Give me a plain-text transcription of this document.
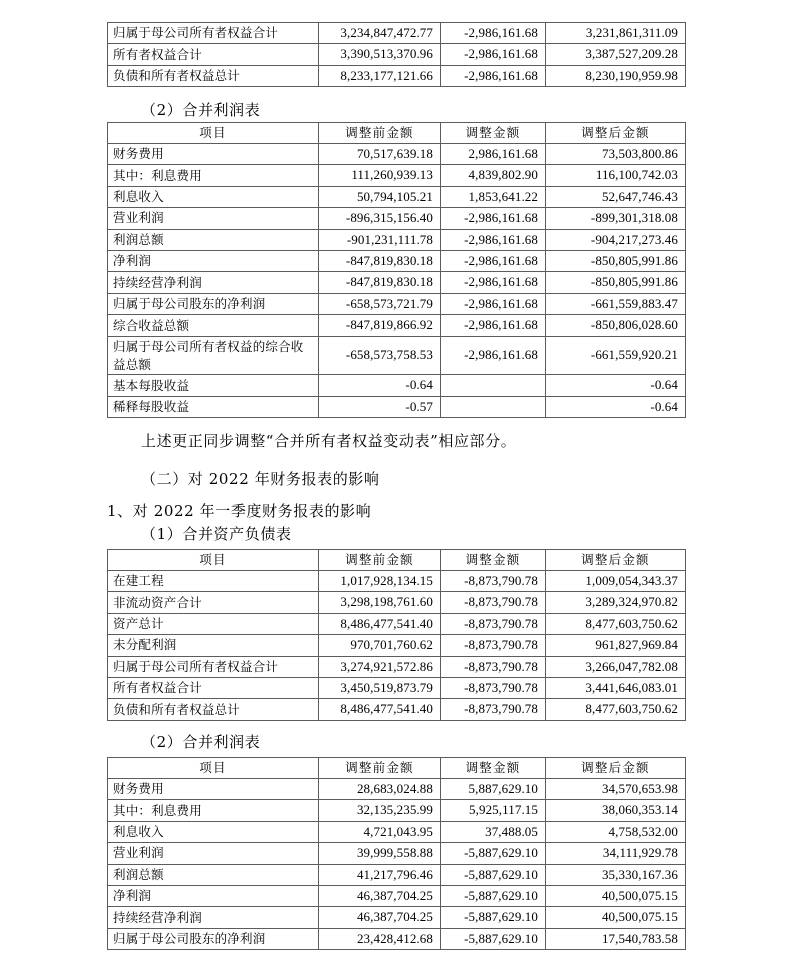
归属于母公司所有者权益合计	3,234,847,472.77	-2,986,161.68	3,231,861,311.09
所有者权益合计	3,390,513,370.96	-2,986,161.68	3,387,527,209.28
负债和所有者权益总计	8,233,177,121.66	-2,986,161.68	8,230,190,959.98
（2）合并利润表
项目	调整前金额	调整金额	调整后金额
财务费用	70,517,639.18	2,986,161.68	73,503,800.86
其中：利息费用	111,260,939.13	4,839,802.90	116,100,742.03
利息收入	50,794,105.21	1,853,641.22	52,647,746.43
营业利润	-896,315,156.40	-2,986,161.68	-899,301,318.08
利润总额	-901,231,111.78	-2,986,161.68	-904,217,273.46
净利润	-847,819,830.18	-2,986,161.68	-850,805,991.86
持续经营净利润	-847,819,830.18	-2,986,161.68	-850,805,991.86
归属于母公司股东的净利润	-658,573,721.79	-2,986,161.68	-661,559,883.47
综合收益总额	-847,819,866.92	-2,986,161.68	-850,806,028.60
归属于母公司所有者权益的综合收益总额	-658,573,758.53	-2,986,161.68	-661,559,920.21
基本每股收益	-0.64		-0.64
稀释每股收益	-0.57		-0.64
上述更正同步调整“合并所有者权益变动表”相应部分。
（二）对 2022 年财务报表的影响
1、对 2022 年一季度财务报表的影响
（1）合并资产负债表
项目	调整前金额	调整金额	调整后金额
在建工程	1,017,928,134.15	-8,873,790.78	1,009,054,343.37
非流动资产合计	3,298,198,761.60	-8,873,790.78	3,289,324,970.82
资产总计	8,486,477,541.40	-8,873,790.78	8,477,603,750.62
未分配利润	970,701,760.62	-8,873,790.78	961,827,969.84
归属于母公司所有者权益合计	3,274,921,572.86	-8,873,790.78	3,266,047,782.08
所有者权益合计	3,450,519,873.79	-8,873,790.78	3,441,646,083.01
负债和所有者权益总计	8,486,477,541.40	-8,873,790.78	8,477,603,750.62
（2）合并利润表
项目	调整前金额	调整金额	调整后金额
财务费用	28,683,024.88	5,887,629.10	34,570,653.98
其中：利息费用	32,135,235.99	5,925,117.15	38,060,353.14
利息收入	4,721,043.95	37,488.05	4,758,532.00
营业利润	39,999,558.88	-5,887,629.10	34,111,929.78
利润总额	41,217,796.46	-5,887,629.10	35,330,167.36
净利润	46,387,704.25	-5,887,629.10	40,500,075.15
持续经营净利润	46,387,704.25	-5,887,629.10	40,500,075.15
归属于母公司股东的净利润	23,428,412.68	-5,887,629.10	17,540,783.58
